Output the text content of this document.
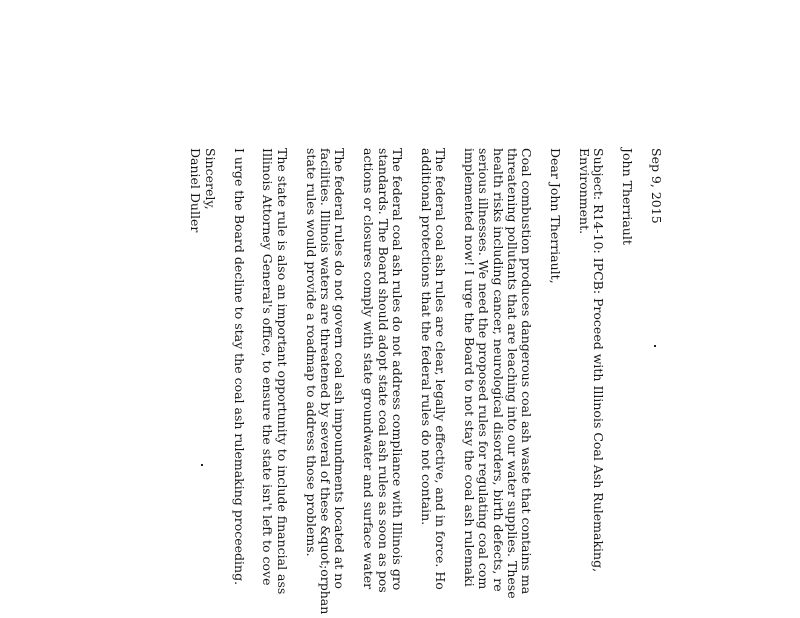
Sep 9, 2015
John Therriault
Subject: R14-10: IPCB: Proceed with Illinois Coal Ash Rulemaking,
Environment.
Dear John Therriault,
Coal combustion produces dangerous coal ash waste that contains ma
threatening pollutants that are leaching into our water supplies. These
health risks including cancer, neurological disorders, birth defects, re
serious illnesses. We need the proposed rules for regulating coal com
implemented now! I urge the Board to not stay the coal ash rulemaki
The federal coal ash rules are clear, legally effective, and in force. Ho
additional protections that the federal rules do not contain.
The federal coal ash rules do not address compliance with Illinois gro
standards. The Board should adopt state coal ash rules as soon as pos
actions or closures comply with state groundwater and surface water
The federal rules do not govern coal ash impoundments located at no
facilities. Illinois waters are threatened by several of these &quot;orphan
state rules would provide a roadmap to address those problems.
The state rule is also an important opportunity to include financial ass
Illinois Attorney General's office, to ensure the state isn't left to cove
I urge the Board decline to stay the coal ash rulemaking proceeding.
Sincerely,
Daniel Duller
